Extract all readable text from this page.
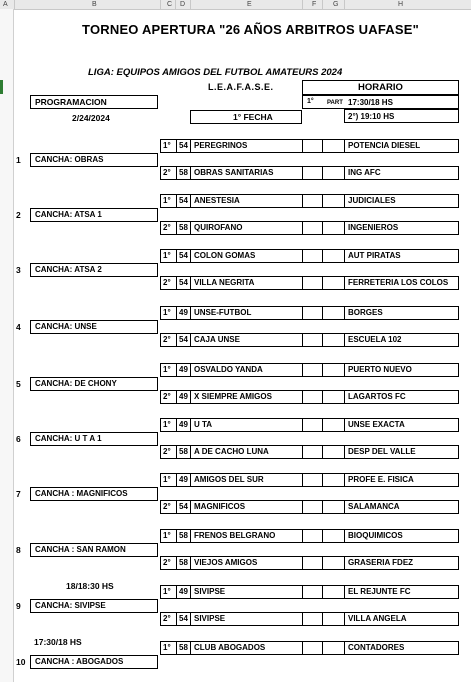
A	B	C D	E	F G	H
TORNEO APERTURA "26 AÑOS ARBITROS UAFASE"
LIGA: EQUIPOS AMIGOS DEL FUTBOL AMATEURS 2024
L.E.A.F.A.S.E.	HORARIO
PROGRAMACION
2/24/2024	1° FECHA
1° PART 17:30/18 HS
2°) 19:10 HS
1°	54 PEREGRINOS	POTENCIA DIESEL
1	CANCHA: OBRAS
2°	58 OBRAS SANITARIAS	ING AFC
1°	54 ANESTESIA	JUDICIALES
2	CANCHA: ATSA 1
2°	58 QUIROFANO	INGENIEROS
1°	54 COLON GOMAS	AUT PIRATAS
3	CANCHA: ATSA 2
2°	54 VILLA NEGRITA	FERRETERIA LOS COLOS
1°	49 UNSE-FUTBOL	BORGES
4	CANCHA: UNSE
2°	54 CAJA UNSE	ESCUELA 102
1°	49 OSVALDO YANDA	PUERTO NUEVO
5	CANCHA: DE CHONY
2°	49 X SIEMPRE AMIGOS	LAGARTOS FC
1°	49 U TA	UNSE EXACTA
6	CANCHA: U T A 1
2°	58 A DE CACHO LUNA	DESP DEL VALLE
1°	49 AMIGOS DEL SUR	PROFE E. FISICA
7	CANCHA : MAGNIFICOS
2°	54 MAGNIFICOS	SALAMANCA
1°	58 FRENOS BELGRANO	BIOQUIMICOS
8	CANCHA : SAN RAMON
2°	58 VIEJOS AMIGOS	GRASERIA FDEZ
18/18:30 HS
1°	49 SIVIPSE	EL REJUNTE FC
9	CANCHA: SIVIPSE
2°	54 SIVIPSE	VILLA ANGELA
17:30/18 HS
1°	58 CLUB ABOGADOS	CONTADORES
10	CANCHA : ABOGADOS
